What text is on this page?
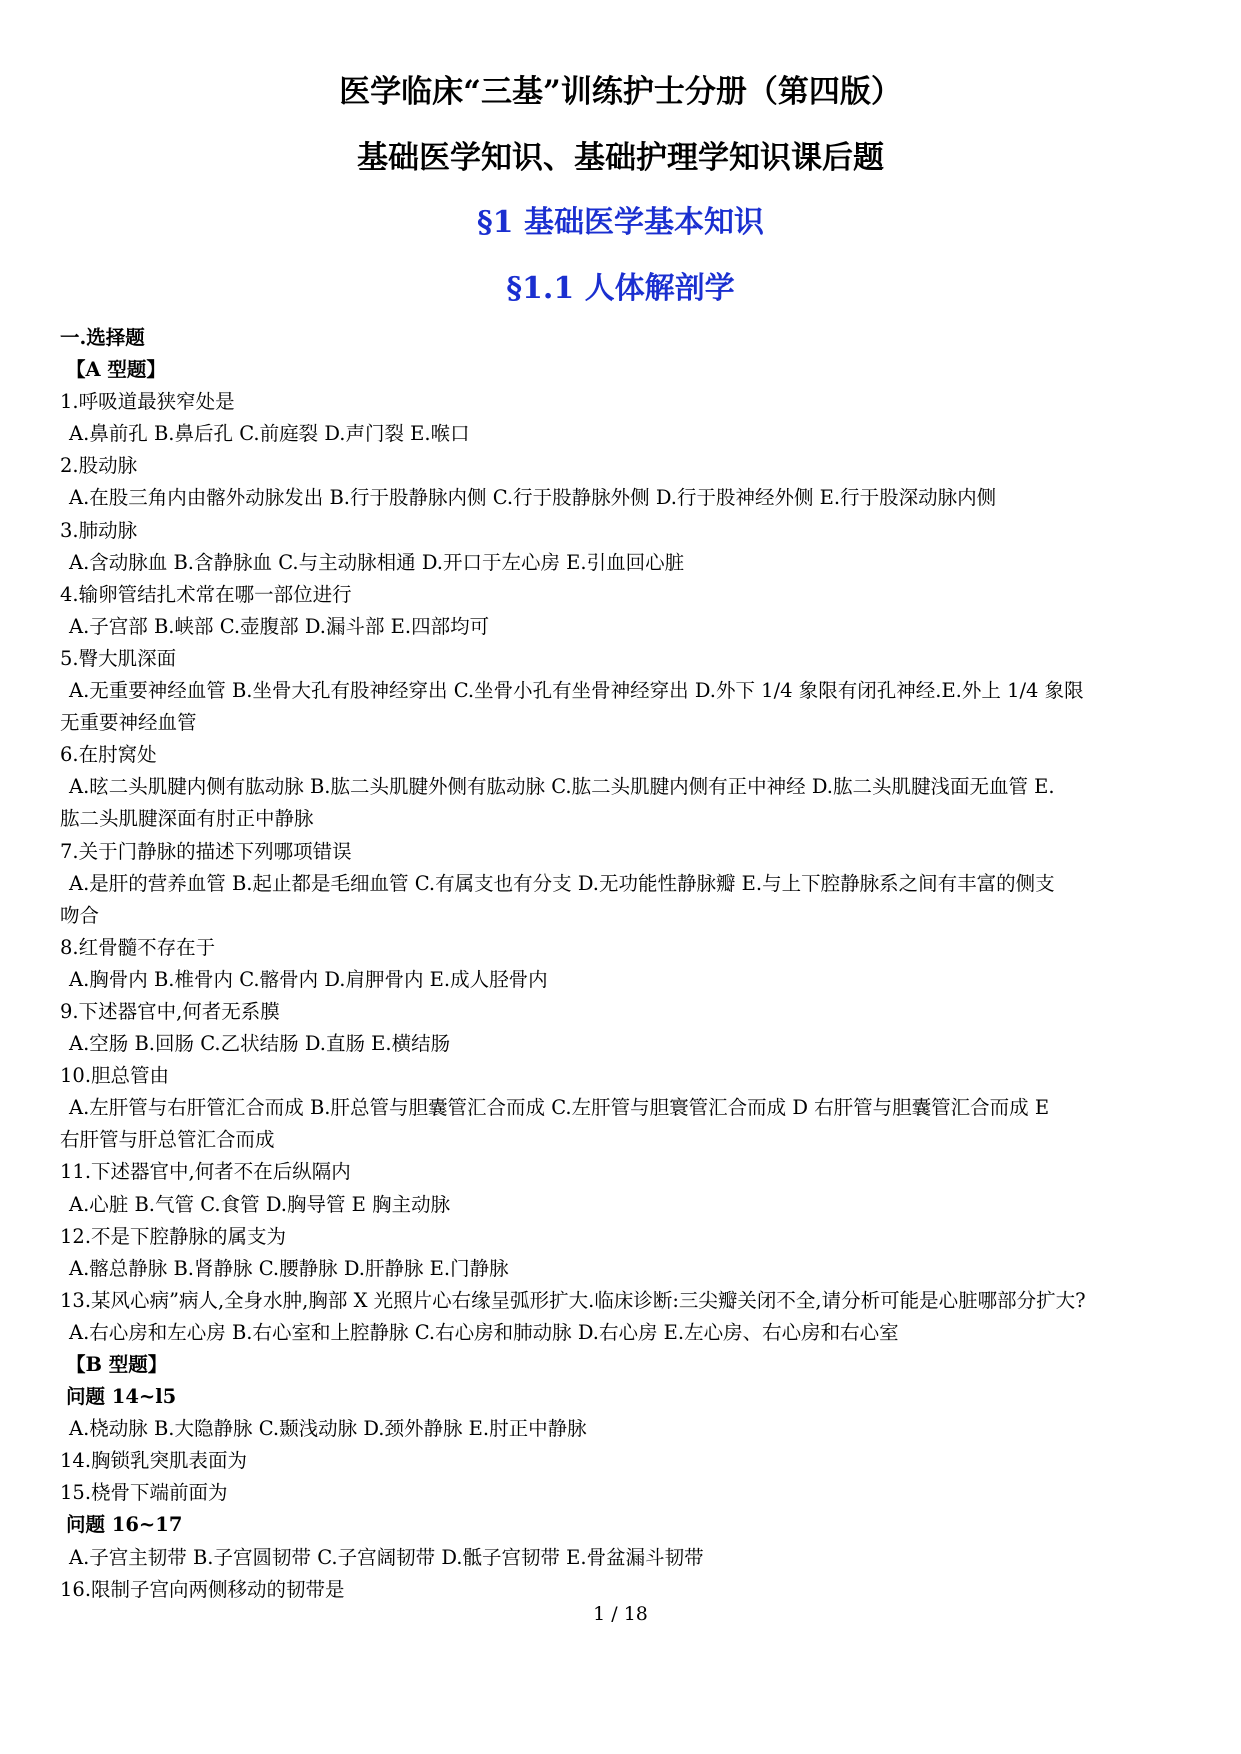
医学临床“三基”训练护士分册（第四版）
基础医学知识、基础护理学知识课后题
§1 基础医学基本知识
§1.1 人体解剖学
一.选择题
【A 型题】
1.呼吸道最狭窄处是
A.鼻前孔 B.鼻后孔 C.前庭裂 D.声门裂 E.喉口
2.股动脉
A.在股三角内由髂外动脉发出 B.行于股静脉内侧 C.行于股静脉外侧 D.行于股神经外侧 E.行于股深动脉内侧
3.肺动脉
A.含动脉血 B.含静脉血 C.与主动脉相通 D.开口于左心房 E.引血回心脏
4.输卵管结扎术常在哪一部位进行
A.子宫部 B.峡部 C.壶腹部 D.漏斗部 E.四部均可
5.臀大肌深面
A.无重要神经血管 B.坐骨大孔有股神经穿出 C.坐骨小孔有坐骨神经穿出 D.外下 1/4 象限有闭孔神经.E.外上 1/4 象限
无重要神经血管
6.在肘窝处
A.昡二头肌腱内侧有肱动脉 B.肱二头肌腱外侧有肱动脉 C.肱二头肌腱内侧有正中神经 D.肱二头肌腱浅面无血管 E.
肱二头肌腱深面有肘正中静脉
7.关于门静脉的描述下列哪项错误
A.是肝的营养血管 B.起止都是毛细血管 C.有属支也有分支 D.无功能性静脉瓣 E.与上下腔静脉系之间有丰富的侧支
吻合
8.红骨髓不存在于
A.胸骨内 B.椎骨内 C.髂骨内 D.肩胛骨内 E.成人胫骨内
9.下述器官中,何者无系膜
A.空肠 B.回肠 C.乙状结肠 D.直肠 E.横结肠
10.胆总管由
A.左肝管与右肝管汇合而成 B.肝总管与胆囊管汇合而成 C.左肝管与胆寰管汇合而成 D 右肝管与胆囊管汇合而成 E
右肝管与肝总管汇合而成
11.下述器官中,何者不在后纵隔内
A.心脏 B.气管 C.食管 D.胸导管 E 胸主动脉
12.不是下腔静脉的属支为
A.髂总静脉 B.肾静脉 C.腰静脉 D.肝静脉 E.门静脉
13.某风心病”病人,全身水肿,胸部 X 光照片心右缘呈弧形扩大.临床诊断:三尖瓣关闭不全,请分析可能是心脏哪部分扩大?
A.右心房和左心房 B.右心室和上腔静脉 C.右心房和肺动脉 D.右心房 E.左心房、右心房和右心室
【B 型题】
问题 14~l5
A.桡动脉 B.大隐静脉 C.颞浅动脉 D.颈外静脉 E.肘正中静脉
14.胸锁乳突肌表面为
15.桡骨下端前面为
问题 16~17
A.子宫主韧带 B.子宫圆韧带 C.子宫阔韧带 D.骶子宫韧带 E.骨盆漏斗韧带
16.限制子宫向两侧移动的韧带是
1 / 18
